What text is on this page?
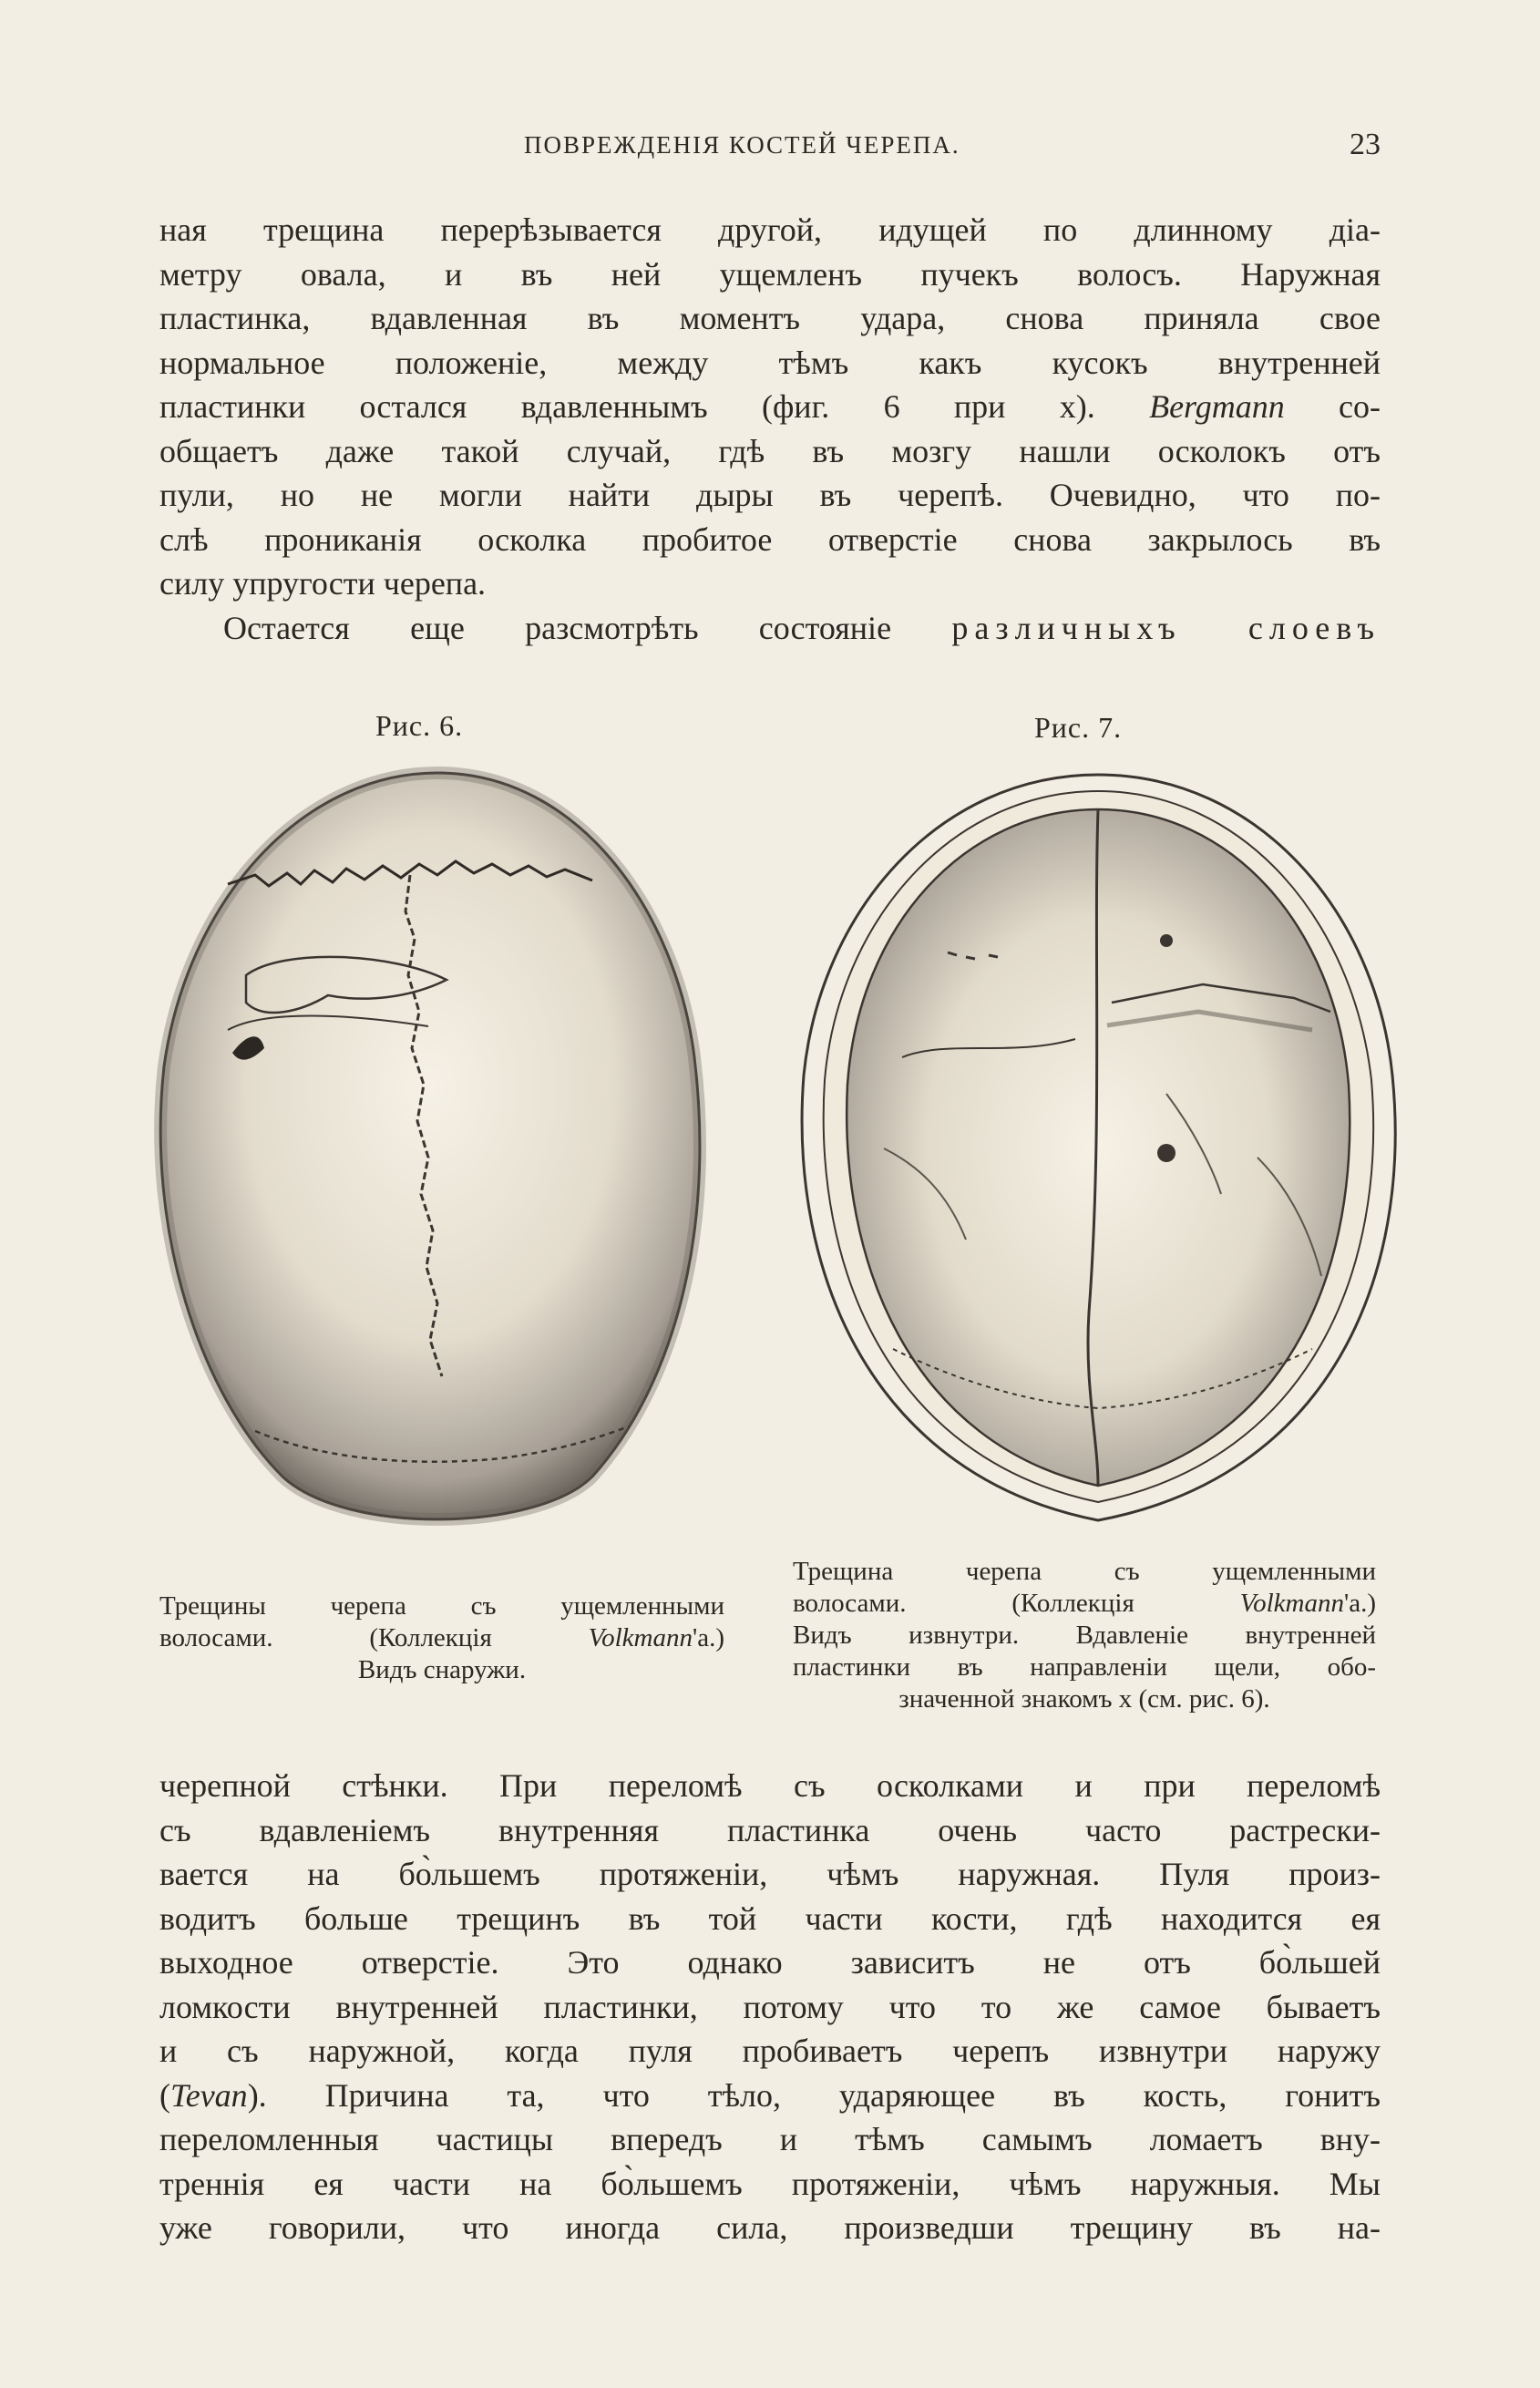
ПОВРЕЖДЕНІЯ КОСТЕЙ ЧЕРЕПА.	23

ная трещина перерѣзывается другой, идущей по длинному діа-

метру овала, и въ ней ущемленъ пучекъ волосъ. Наружная

пластинка, вдавленная въ моментъ удара, снова приняла свое

нормальное положеніе, между тѣмъ какъ кусокъ внутренней

пластинки остался вдавленнымъ (фиг. 6 при x). Bergmann со-

общаетъ даже такой случай, гдѣ въ мозгу нашли осколокъ отъ

пули, но не могли найти дыры въ черепѣ. Очевидно, что по-

слѣ прониканія осколка пробитое отверстіе снова закрылось въ

силу упругости черепа.

Остается еще разсмотрѣть состояніе различныхъ слоевъ

Рис. 6.

Трещины черепа съ ущемленными

волосами. (Коллекція Volkmann'а.)

Видъ снаружи.

Рис. 7.

Трещина черепа съ ущемленными

волосами. (Коллекція Volkmann'а.)

Видъ извнутри. Вдавленіе внутренней

пластинки въ направленіи щели, обо-

значенной знакомъ x (см. рис. 6).

черепной стѣнки. При переломѣ съ осколками и при переломѣ

съ вдавленіемъ внутренняя пластинка очень часто растрески-

вается на бо̀льшемъ протяженіи, чѣмъ наружная. Пуля произ-

водитъ больше трещинъ въ той части кости, гдѣ находится ея

выходное отверстіе. Это однако зависитъ не отъ бо̀льшей

ломкости внутренней пластинки, потому что то же самое бываетъ

и съ наружной, когда пуля пробиваетъ черепъ извнутри наружу

(Tevan). Причина та, что тѣло, ударяющее въ кость, гонитъ

переломленныя частицы впередъ и тѣмъ самымъ ломаетъ вну-

треннія ея части на бо̀льшемъ протяженіи, чѣмъ наружныя. Мы

уже говорили, что иногда сила, произведши трещину въ на-
